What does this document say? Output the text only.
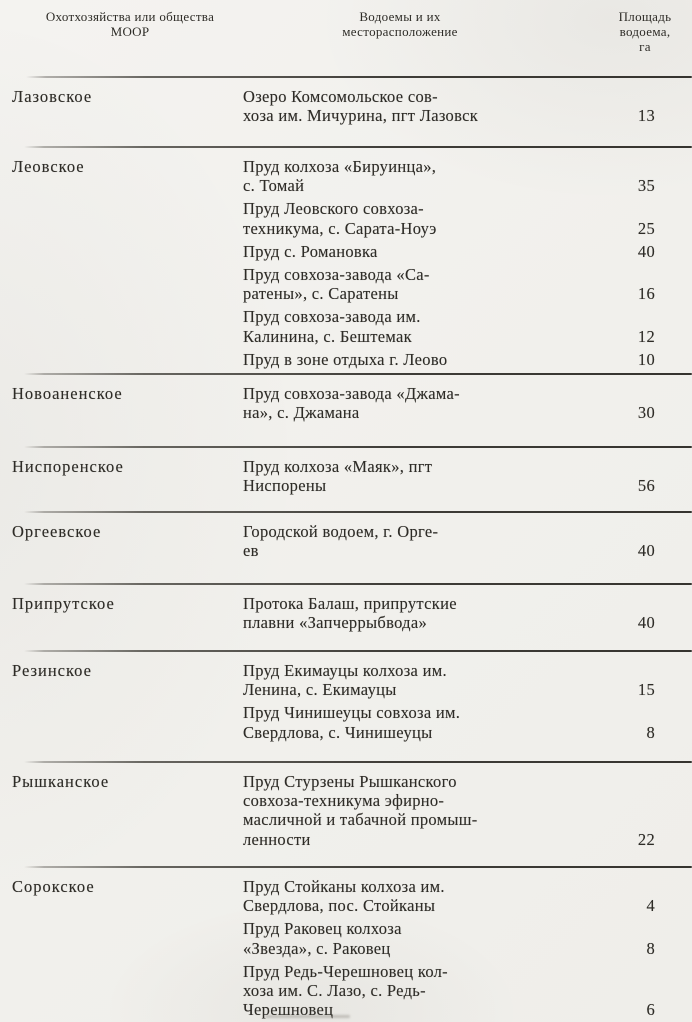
Охотхозяйства или общества
МООР
Водоемы и их
месторасположение
Площадь
водоема,
га
Лазовское	Озеро Комсомольское сов-
хоза им. Мичурина, пгт Лазовск	13
Леовское	Пруд колхоза «Бируинца»,
с. Томай	35
Пруд Леовского совхоза-
техникума, с. Сарата-Ноуэ	25
Пруд с. Романовка	40
Пруд совхоза-завода «Са-
ратены», с. Саратены	16
Пруд совхоза-завода им.
Калинина, с. Бештемак	12
Пруд в зоне отдыха г. Леово	10
Новоаненское	Пруд совхоза-завода «Джама-
на», с. Джамана	30
Ниспоренское	Пруд колхоза «Маяк», пгт
Ниспорены	56
Оргеевское	Городской водоем, г. Орге-
ев	40
Припрутское	Протока Балаш, припрутские
плавни «Запчеррыбвода»	40
Резинское	Пруд Екимауцы колхоза им.
Ленина, с. Екимауцы	15
Пруд Чинишеуцы совхоза им.
Свердлова, с. Чинишеуцы	8
Рышканское	Пруд Стурзены Рышканского
совхоза-техникума эфирно-
масличной и табачной промыш-
ленности	22
Сорокское	Пруд Стойканы колхоза им.
Свердлова, пос. Стойканы	4
Пруд Раковец колхоза
«Звезда», с. Раковец	8
Пруд Редь-Черешновец кол-
хоза им. С. Лазо, с. Редь-
Черешновец	6
